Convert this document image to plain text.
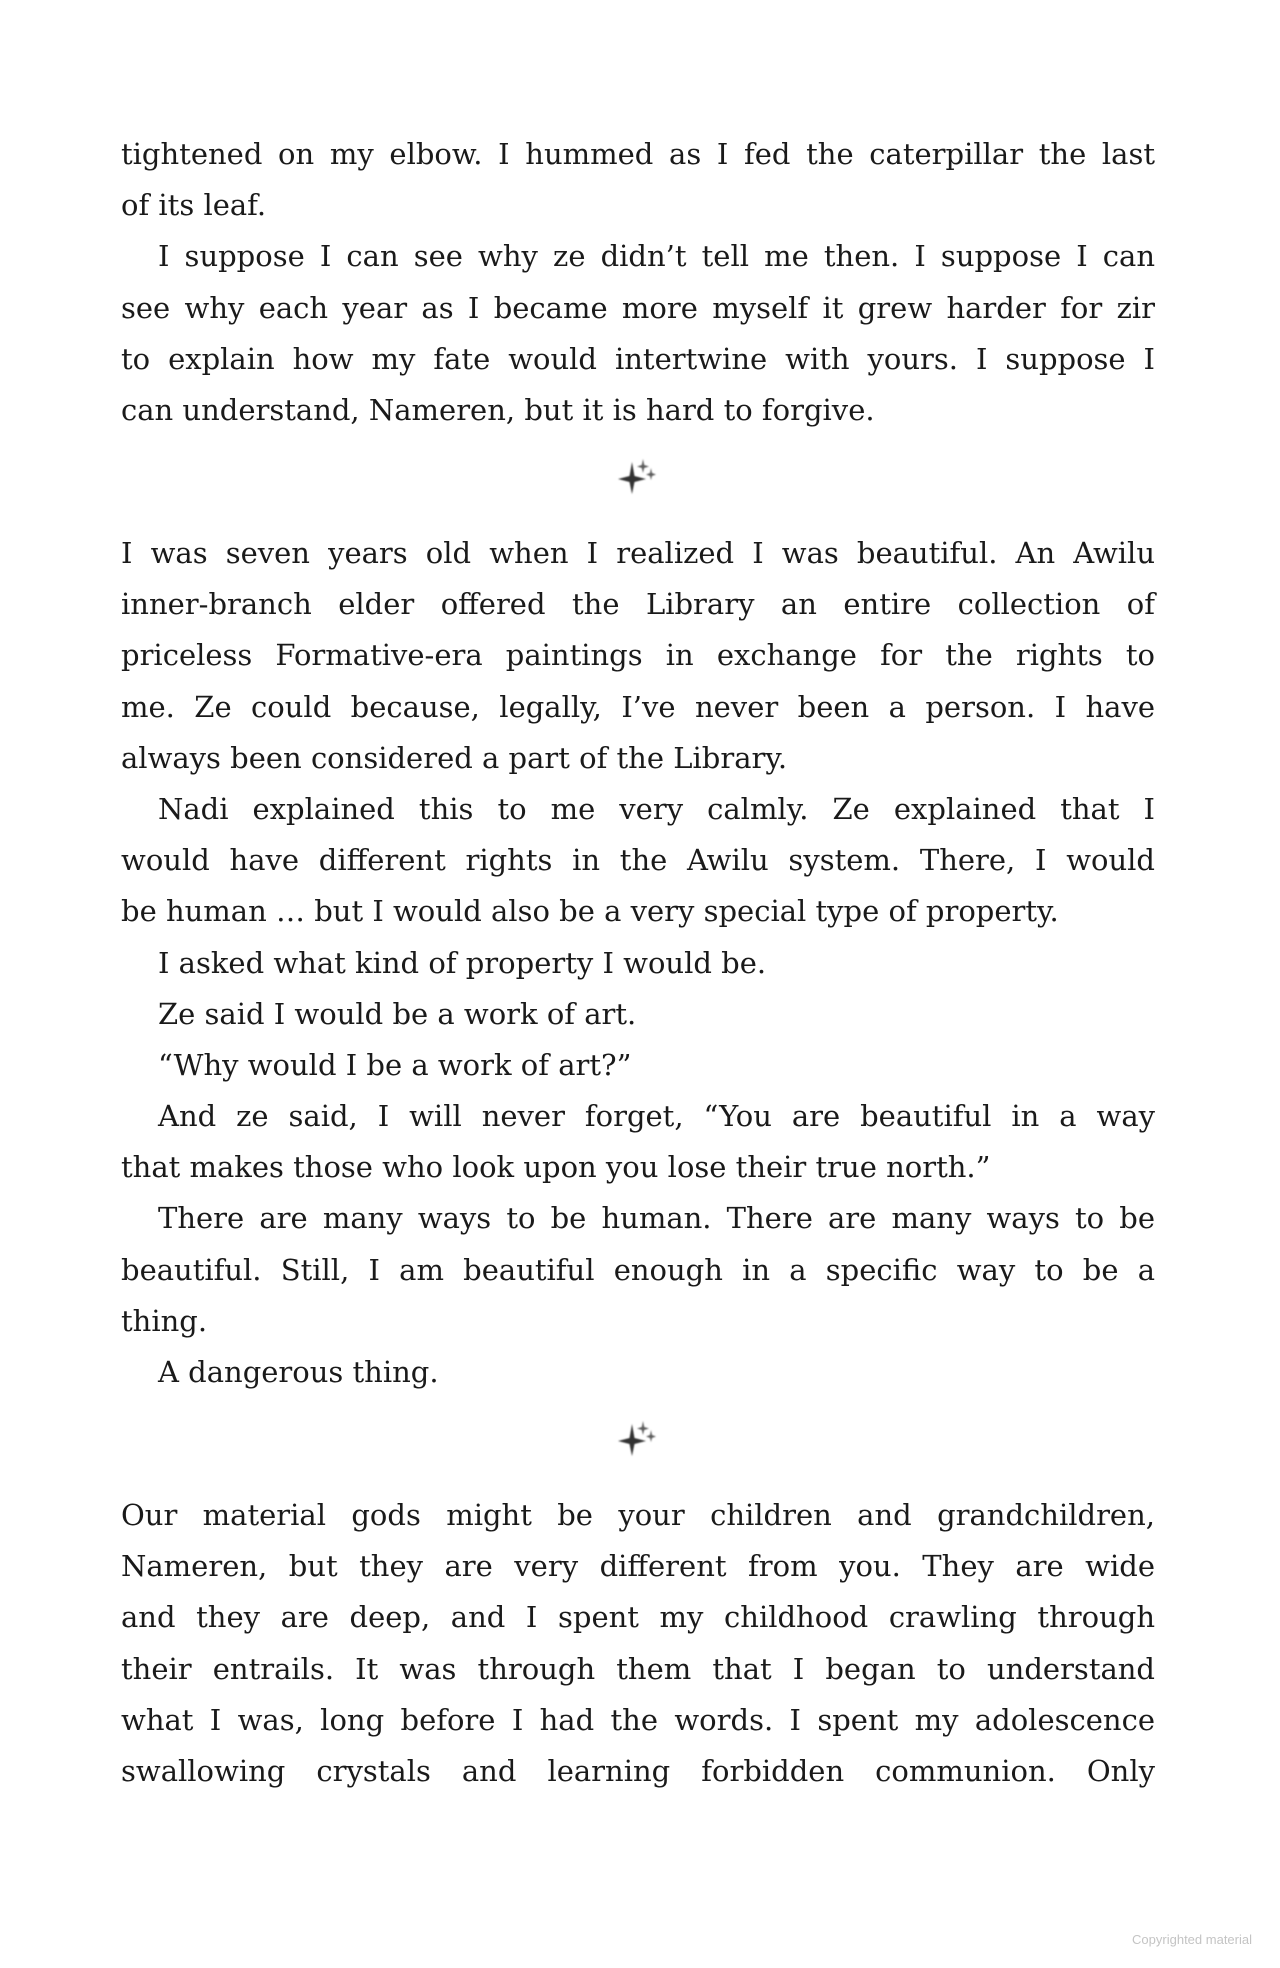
tightened on my elbow. I hummed as I fed the caterpillar the last
of its leaf.
I suppose I can see why ze didn’t tell me then. I suppose I can
see why each year as I became more myself it grew harder for zir
to explain how my fate would intertwine with yours. I suppose I
can understand, Nameren, but it is hard to forgive.
I was seven years old when I realized I was beautiful. An Awilu
inner-branch elder offered the Library an entire collection of
priceless Formative-era paintings in exchange for the rights to
me. Ze could because, legally, I’ve never been a person. I have
always been considered a part of the Library.
Nadi explained this to me very calmly. Ze explained that I
would have different rights in the Awilu system. There, I would
be human … but I would also be a very special type of property.
I asked what kind of property I would be.
Ze said I would be a work of art.
“Why would I be a work of art?”
And ze said, I will never forget, “You are beautiful in a way
that makes those who look upon you lose their true north.”
There are many ways to be human. There are many ways to be
beautiful. Still, I am beautiful enough in a specific way to be a
thing.
A dangerous thing.
Our material gods might be your children and grandchildren,
Nameren, but they are very different from you. They are wide
and they are deep, and I spent my childhood crawling through
their entrails. It was through them that I began to understand
what I was, long before I had the words. I spent my adolescence
swallowing crystals and learning forbidden communion. Only
Copyrighted material
